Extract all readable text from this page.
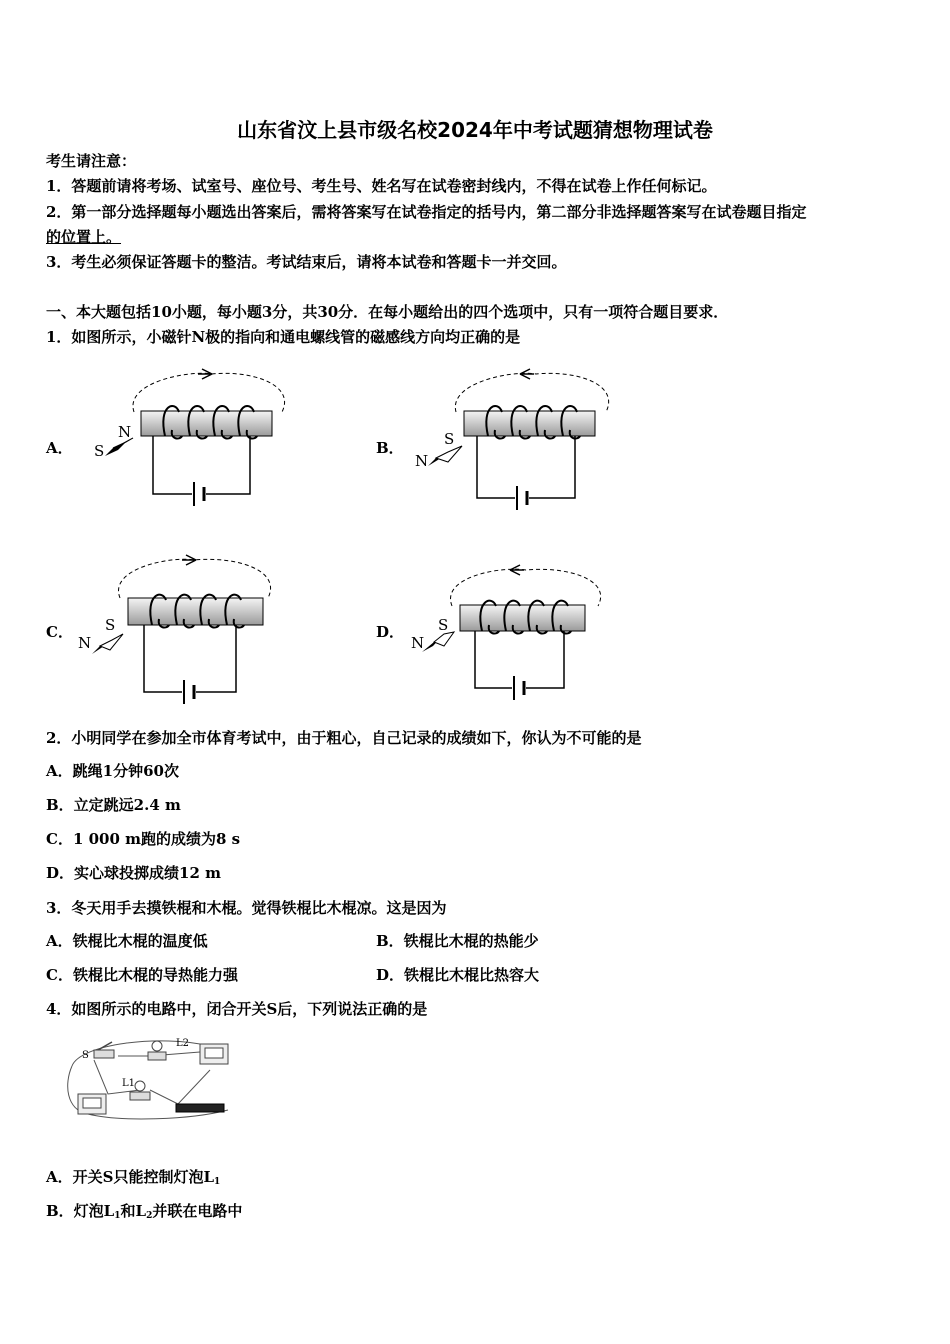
山东省汶上县市级名校2024年中考试题猜想物理试卷
考生请注意：
1．答题前请将考场、试室号、座位号、考生号、姓名写在试卷密封线内，不得在试卷上作任何标记。
2．第一部分选择题每小题选出答案后，需将答案写在试卷指定的括号内，第二部分非选择题答案写在试卷题目指定
的位置上。
3．考生必须保证答题卡的整洁。考试结束后，请将本试卷和答题卡一并交回。
一、本大题包括10小题，每小题3分，共30分．在每小题给出的四个选项中，只有一项符合题目要求．
1．如图所示，小磁针N极的指向和通电螺线管的磁感线方向均正确的是
A．	B．
C．	D．
N
S
S
N
S
N
S
N
2．小明同学在参加全市体育考试中，由于粗心，自己记录的成绩如下，你认为不可能的是
A．跳绳1分钟60次
B．立定跳远2.4 m
C．1 000 m跑的成绩为8 s
D．实心球投掷成绩12 m
3．冬天用手去摸铁棍和木棍。觉得铁棍比木棍凉。这是因为
A．铁棍比木棍的温度低	B．铁棍比木棍的热能少
C．铁棍比木棍的导热能力强	D．铁棍比木棍比热容大
4．如图所示的电路中，闭合开关S后，下列说法正确的是
S
L1
L2
A．开关S只能控制灯泡$L_1$
B．灯泡$L_1$和$L_2$并联在电路中
